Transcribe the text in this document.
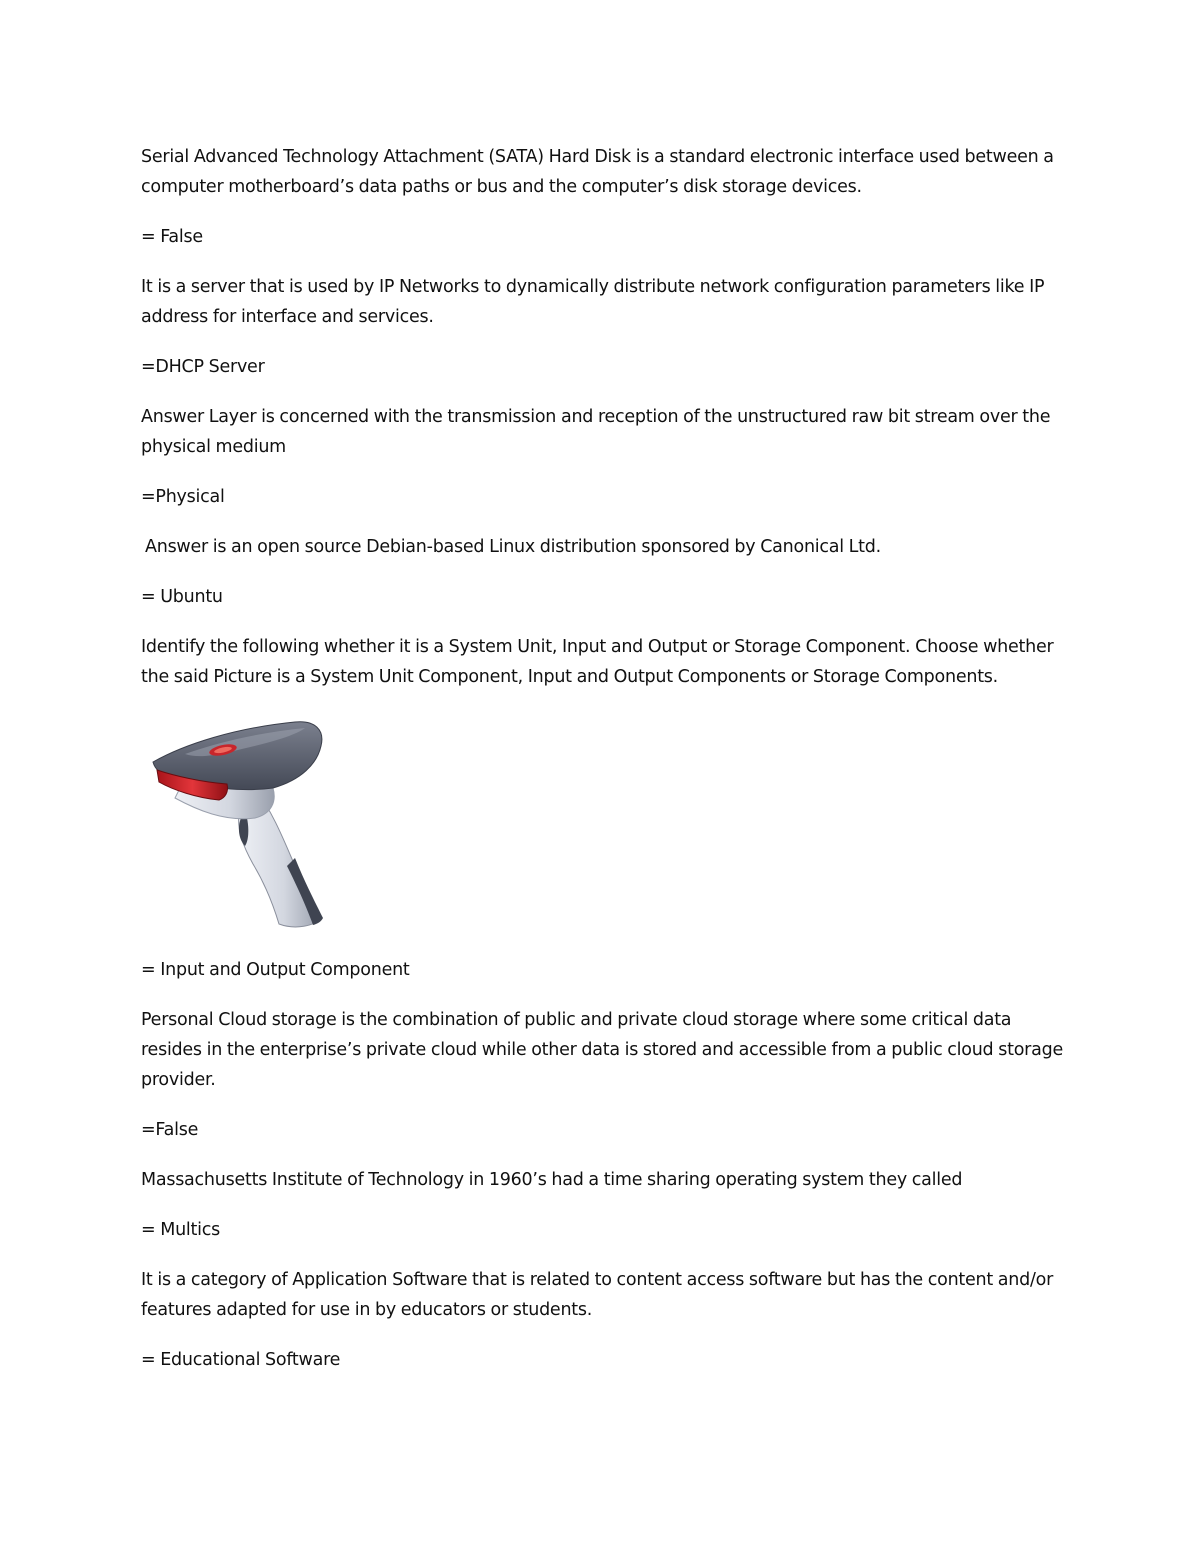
Serial Advanced Technology Attachment (SATA) Hard Disk is a standard electronic interface used between a computer motherboard’s data paths or bus and the computer’s disk storage devices.

= False

It is a server that is used by IP Networks to dynamically distribute network configuration parameters like IP address for interface and services.

=DHCP Server

Answer Layer is concerned with the transmission and reception of the unstructured raw bit stream over the physical medium

=Physical

Answer is an open source Debian-based Linux distribution sponsored by Canonical Ltd.

= Ubuntu

Identify the following whether it is a System Unit, Input and Output or Storage Component. Choose whether the said Picture is a System Unit Component, Input and Output Components or Storage Components.

= Input and Output Component

Personal Cloud storage is the combination of public and private cloud storage where some critical data resides in the enterprise’s private cloud while other data is stored and accessible from a public cloud storage provider.

=False

Massachusetts Institute of Technology in 1960’s had a time sharing operating system they called

= Multics

It is a category of Application Software that is related to content access software but has the content and/or features adapted for use in by educators or students.

= Educational Software
